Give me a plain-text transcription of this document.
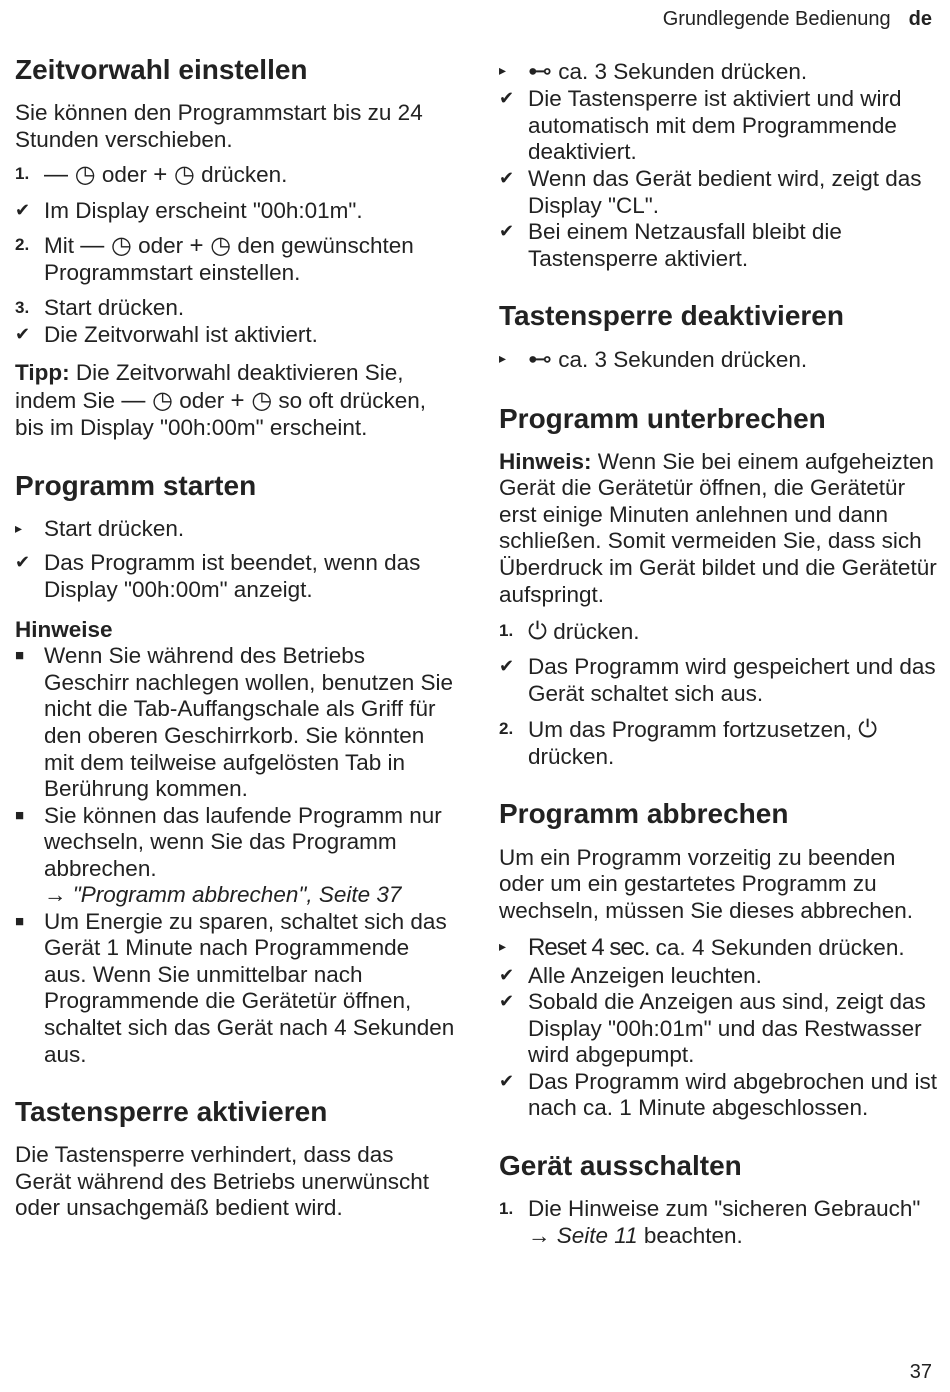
Grundlegende Bedienung de
Zeitvorwahl einstellen

Sie können den Programmstart bis zu 24 Stunden verschieben.

1. — ◷ oder + ◷ drücken.
✔ Im Display erscheint "00h:01m".
2. Mit — ◷ oder + ◷ den gewünschten Programmstart einstellen.
3. Start drücken.
✔ Die Zeitvorwahl ist aktiviert.

Tipp: Die Zeitvorwahl deaktivieren Sie, indem Sie — ◷ oder + ◷ so oft drücken, bis im Display "00h:00m" erscheint.

Programm starten
▸ Start drücken.
✔ Das Programm ist beendet, wenn das Display "00h:00m" anzeigt.
Hinweise
■ Wenn Sie während des Betriebs Geschirr nachlegen wollen, benutzen Sie nicht die Tab-Auffangschale als Griff für den oberen Geschirrkorb. Sie könnten mit dem teilweise aufgelösten Tab in Berührung kommen.
■ Sie können das laufende Programm nur wechseln, wenn Sie das Programm abbrechen.
→ "Programm abbrechen", Seite 37
■ Um Energie zu sparen, schaltet sich das Gerät 1 Minute nach Programmende aus. Wenn Sie unmittelbar nach Programmende die Gerätetür öffnen, schaltet sich das Gerät nach 4 Sekunden aus.
Tastensperre aktivieren

Die Tastensperre verhindert, dass das Gerät während des Betriebs unerwünscht oder unsachgemäß bedient wird.

▸ ⊷ ca. 3 Sekunden drücken.
✔ Die Tastensperre ist aktiviert und wird automatisch mit dem Programmende deaktiviert.
✔ Wenn das Gerät bedient wird, zeigt das Display "CL".
✔ Bei einem Netzausfall bleibt die Tastensperre aktiviert.
Tastensperre deaktivieren
▸ ⊷ ca. 3 Sekunden drücken.
Programm unterbrechen

Hinweis: Wenn Sie bei einem aufgeheizten Gerät die Gerätetür öffnen, die Gerätetür erst einige Minuten anlehnen und dann schließen. Somit vermeiden Sie, dass sich Überdruck im Gerät bildet und die Gerätetür aufspringt.

1. ⏻ drücken.
✔ Das Programm wird gespeichert und das Gerät schaltet sich aus.
2. Um das Programm fortzusetzen, ⏻ drücken.
Programm abbrechen

Um ein Programm vorzeitig zu beenden oder um ein gestartetes Programm zu wechseln, müssen Sie dieses abbrechen.

▸ Reset 4 sec. ca. 4 Sekunden drücken.
✔ Alle Anzeigen leuchten.
✔ Sobald die Anzeigen aus sind, zeigt das Display "00h:01m" und das Restwasser wird abgepumpt.
✔ Das Programm wird abgebrochen und ist nach ca. 1 Minute abgeschlossen.
Gerät ausschalten
1. Die Hinweise zum "sicheren Gebrauch" → Seite 11 beachten.
37
